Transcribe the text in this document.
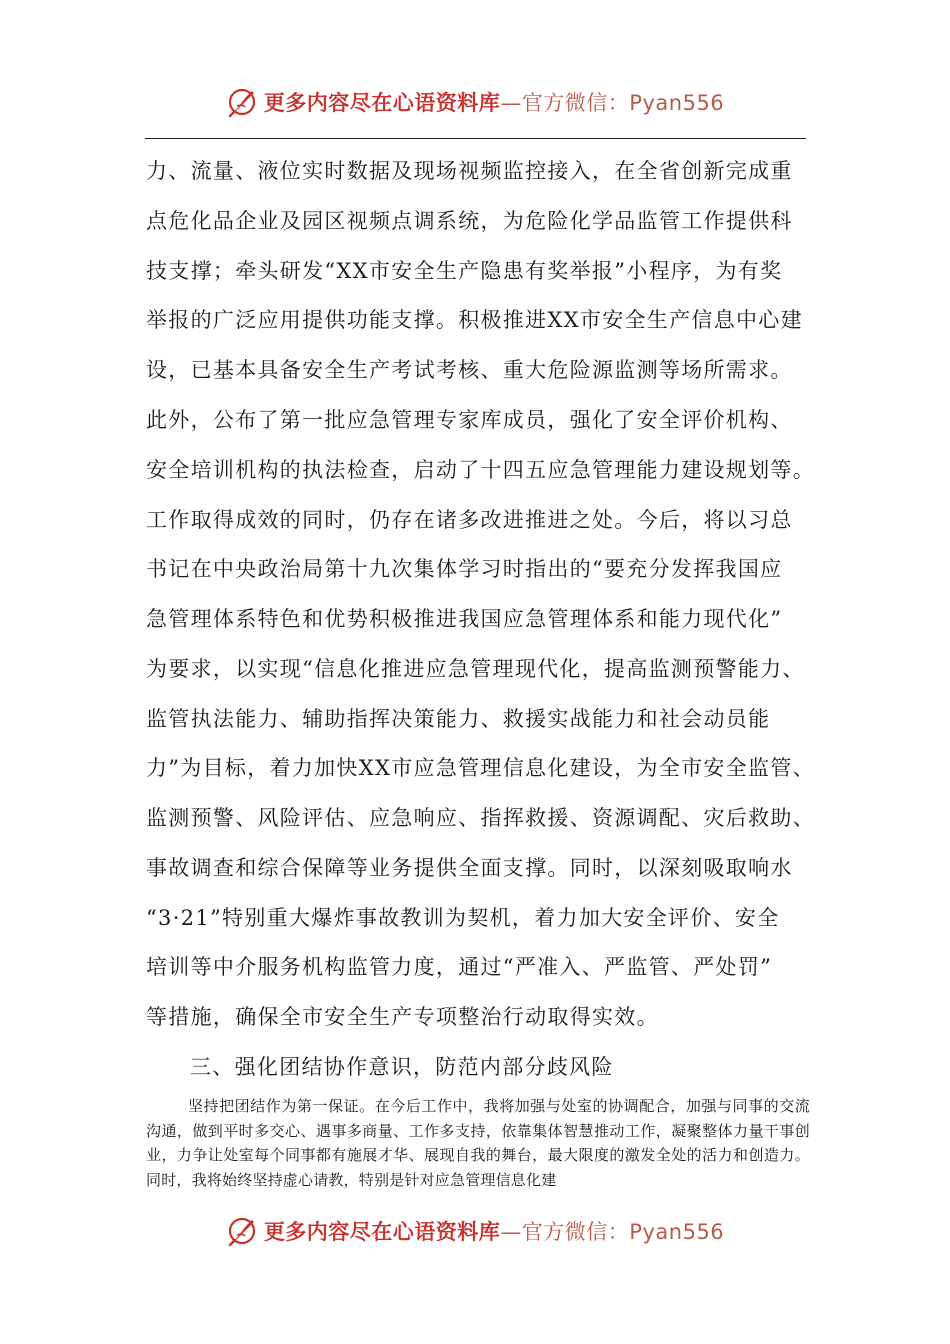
更多内容尽在心语资料库—官方微信：Pyan556
力、流量、液位实时数据及现场视频监控接入，在全省创新完成重
点危化品企业及园区视频点调系统，为危险化学品监管工作提供科
技支撑；牵头研发“XX市安全生产隐患有奖举报”小程序，为有奖
举报的广泛应用提供功能支撑。积极推进XX市安全生产信息中心建
设，已基本具备安全生产考试考核、重大危险源监测等场所需求。
此外，公布了第一批应急管理专家库成员，强化了安全评价机构、
安全培训机构的执法检查，启动了十四五应急管理能力建设规划等。
工作取得成效的同时，仍存在诸多改进推进之处。今后，将以习总
书记在中央政治局第十九次集体学习时指出的“要充分发挥我国应
急管理体系特色和优势积极推进我国应急管理体系和能力现代化”
为要求，以实现“信息化推进应急管理现代化，提高监测预警能力、
监管执法能力、辅助指挥决策能力、救援实战能力和社会动员能
力”为目标，着力加快XX市应急管理信息化建设，为全市安全监管、
监测预警、风险评估、应急响应、指挥救援、资源调配、灾后救助、
事故调查和综合保障等业务提供全面支撑。同时，以深刻吸取响水
“3·21”特别重大爆炸事故教训为契机，着力加大安全评价、安全
培训等中介服务机构监管力度，通过“严准入、严监管、严处罚”
等措施，确保全市安全生产专项整治行动取得实效。
三、强化团结协作意识，防范内部分歧风险
坚持把团结作为第一保证。在今后工作中，我将加强与处室的协调配合，加强与同事的交流沟通，做到平时多交心、遇事多商量、工作多支持，依靠集体智慧推动工作，凝聚整体力量干事创业，力争让处室每个同事都有施展才华、展现自我的舞台，最大限度的激发全处的活力和创造力。同时，我将始终坚持虚心请教，特别是针对应急管理信息化建
更多内容尽在心语资料库—官方微信：Pyan556
